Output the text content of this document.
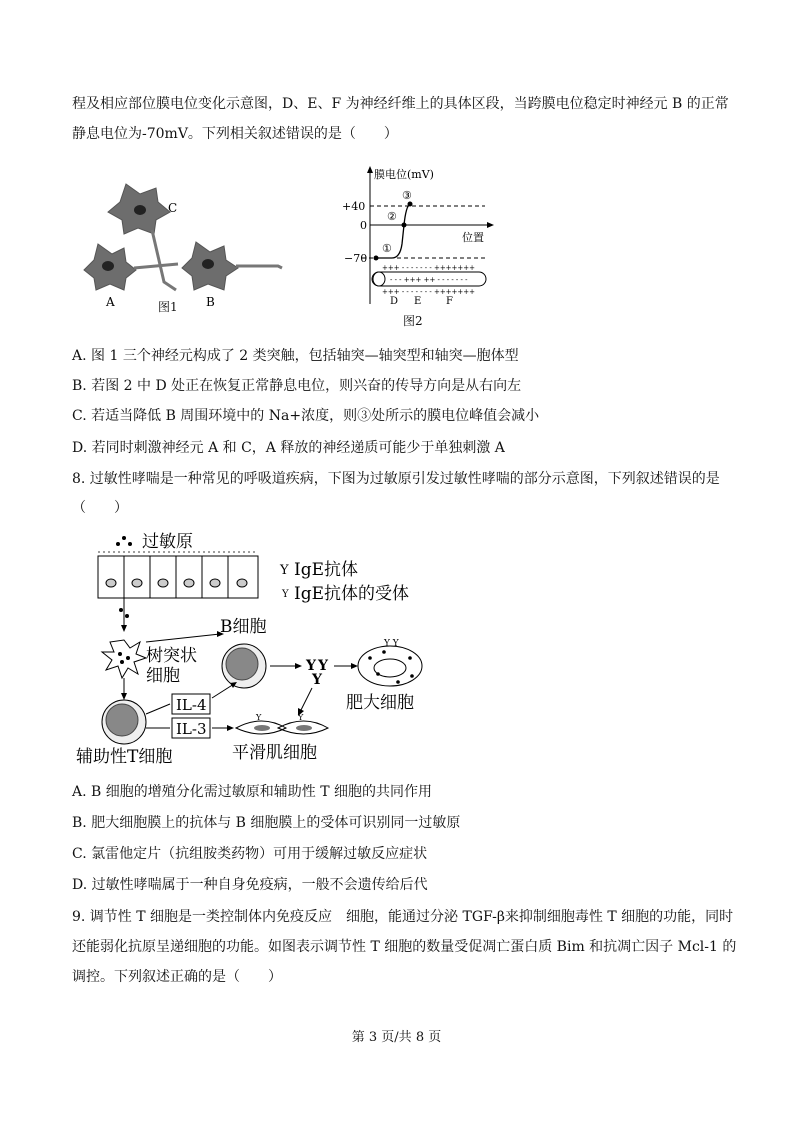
程及相应部位膜电位变化示意图，D、E、F 为神经纤维上的具体区段，当跨膜电位稳定时神经元 B 的正常
静息电位为-70mV。下列相关叙述错误的是（　　）
C
A	B
图1
①
②
③
膜电位(mV)
位置
+40
0
−70
+++ - - - - - - - +++++++
- - - +++ ++ - - - - - - -
+++ - - - - - - - +++++++
D E F
图2
A. 图 1 三个神经元构成了 2 类突触，包括轴突—轴突型和轴突—胞体型
B. 若图 2 中 D 处正在恢复正常静息电位，则兴奋的传导方向是从右向左
C. 若适当降低 B 周围环境中的 Na+浓度，则③处所示的膜电位峰值会减小
D. 若同时刺激神经元 A 和 C，A 释放的神经递质可能少于单独刺激 A
8. 过敏性哮喘是一种常见的呼吸道疾病，下图为过敏原引发过敏性哮喘的部分示意图，下列叙述错误的是
（　　）
过敏原
IgE抗体
Y
IgE抗体的受体
Y
树突状
细胞
B细胞
Y Y
Y
Y Y
肥大细胞
辅助性T细胞
IL-4
IL-3
Y	Y
平滑肌细胞
A. B 细胞的增殖分化需过敏原和辅助性 T 细胞的共同作用
B. 肥大细胞膜上的抗体与 B 细胞膜上的受体可识别同一过敏原
C. 氯雷他定片（抗组胺类药物）可用于缓解过敏反应症状
D. 过敏性哮喘属于一种自身免疫病，一般不会遗传给后代
9. 调节性 T 细胞是一类控制体内免疫反应　细胞，能通过分泌 TGF-β来抑制细胞毒性 T 细胞的功能，同时
还能弱化抗原呈递细胞的功能。如图表示调节性 T 细胞的数量受促凋亡蛋白质 Bim 和抗凋亡因子 Mcl-1 的
调控。下列叙述正确的是（　　）
第 3 页/共 8 页
